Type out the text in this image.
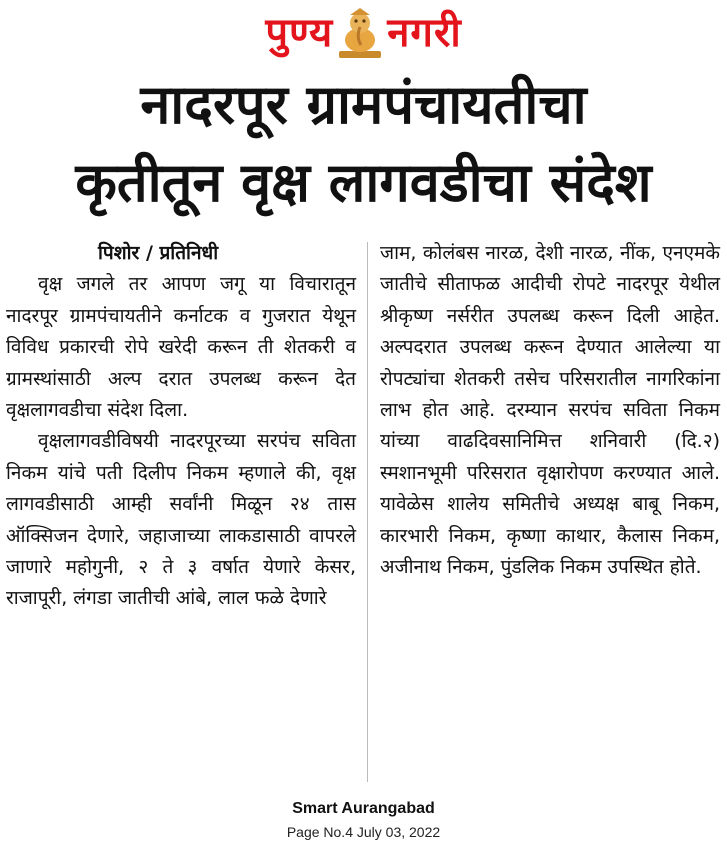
पुण्य नगरी
नादरपूर ग्रामपंचायतीचा
कृतीतून वृक्ष लागवडीचा संदेश
पिशोर / प्रतिनिधी

वृक्ष जगले तर आपण जगू या विचारातून नादरपूर ग्रामपंचायतीने कर्नाटक व गुजरात येथून विविध प्रकारची रोपे खरेदी करून ती शेतकरी व ग्रामस्थांसाठी अल्प दरात उपलब्ध करून देत वृक्षलागवडीचा संदेश दिला.

वृक्षलागवडीविषयी नादरपूरच्या सरपंच सविता निकम यांचे पती दिलीप निकम म्हणाले की, वृक्ष लागवडीसाठी आम्ही सर्वांनी मिळून २४ तास ऑक्सिजन देणारे, जहाजाच्या लाकडासाठी वापरले जाणारे महोगुनी, २ ते ३ वर्षात येणारे केसर, राजापूरी, लंगडा जातीची आंबे, लाल फळे देणारे

जाम, कोलंबस नारळ, देशी नारळ, नींक, एनएमके जातीचे सीताफळ आदीची रोपटे नादरपूर येथील श्रीकृष्ण नर्सरीत उपलब्ध करून दिली आहेत. अल्पदरात उपलब्ध करून देण्यात आलेल्या या रोपट्यांचा शेतकरी तसेच परिसरातील नागरिकांना लाभ होत आहे. दरम्यान सरपंच सविता निकम यांच्या वाढदिवसानिमित्त शनिवारी (दि.२) स्मशानभूमी परिसरात वृक्षारोपण करण्यात आले. यावेळेस शालेय समितीचे अध्यक्ष बाबू निकम, कारभारी निकम, कृष्णा काथार, कैलास निकम, अजीनाथ निकम, पुंडलिक निकम उपस्थित होते.

Smart Aurangabad
Page No.4 July 03, 2022
